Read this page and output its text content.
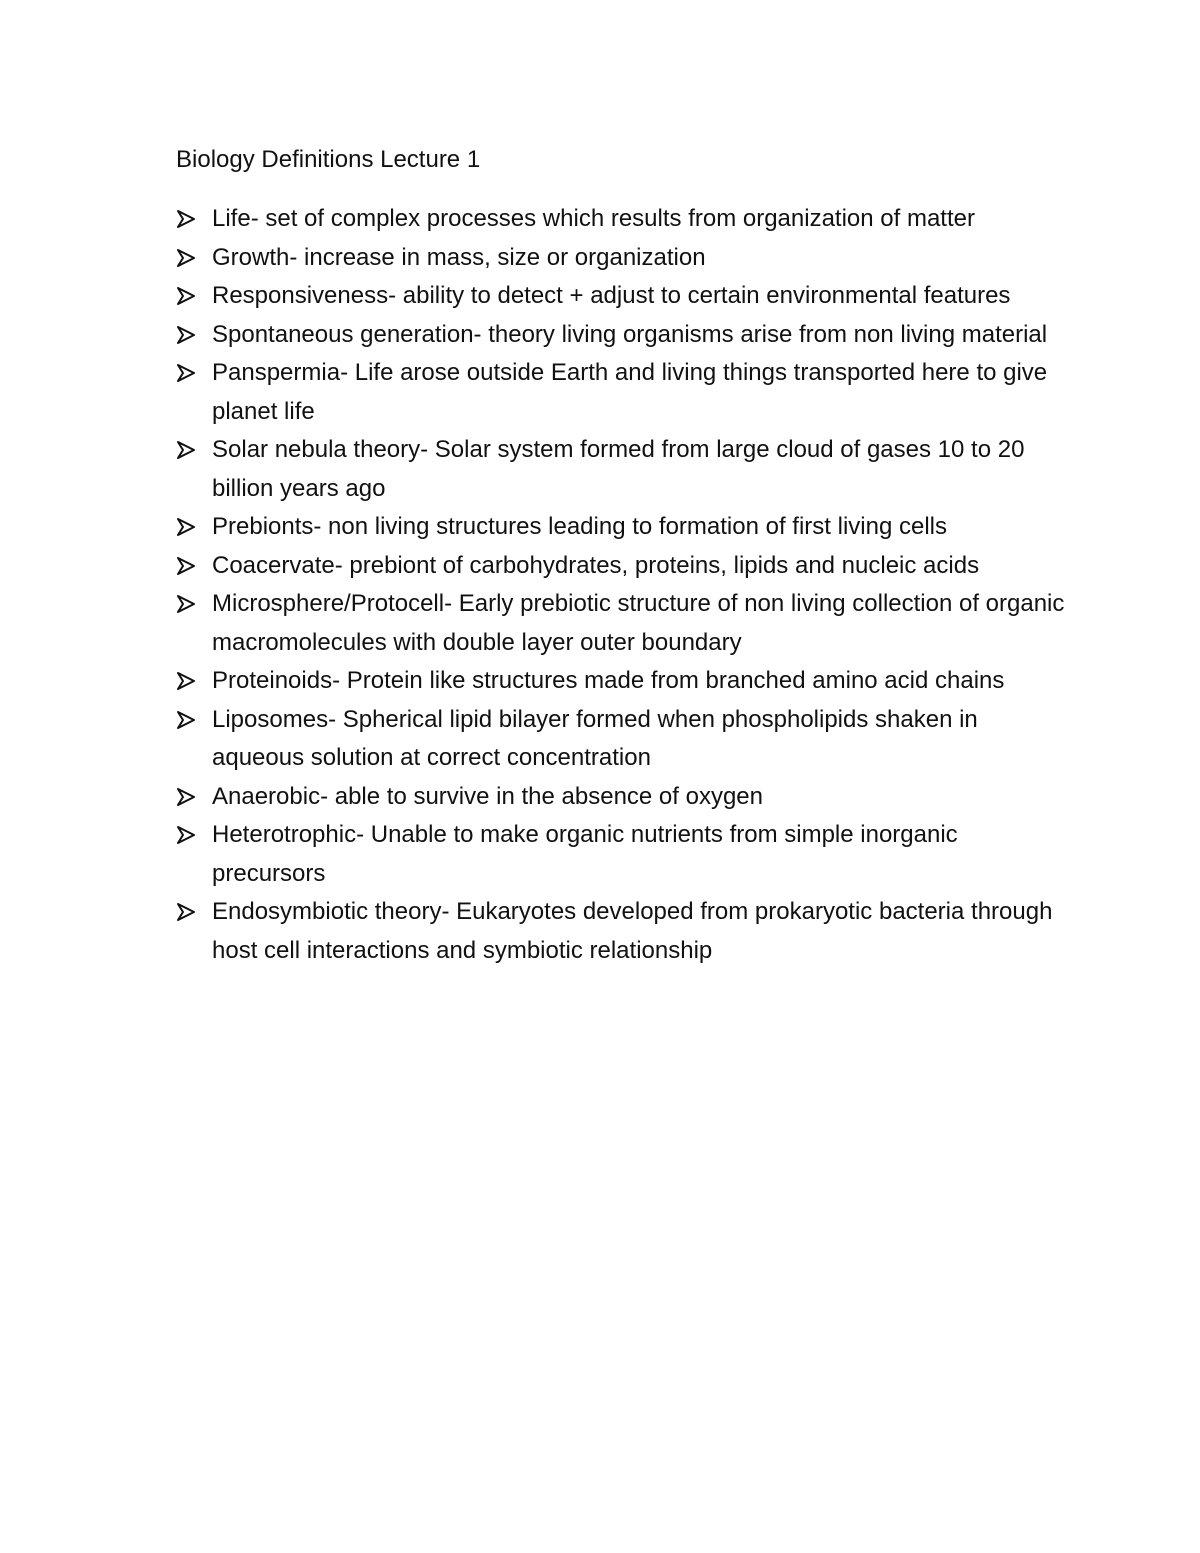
Biology Definitions Lecture 1
Life- set of complex processes which results from organization of matter
Growth- increase in mass, size or organization
Responsiveness- ability to detect + adjust to certain environmental features
Spontaneous generation- theory living organisms arise from non living material
Panspermia- Life arose outside Earth and living things transported here to give planet life
Solar nebula theory- Solar system formed from large cloud of gases 10 to 20 billion years ago
Prebionts- non living structures leading to formation of first living cells
Coacervate- prebiont of carbohydrates, proteins, lipids and nucleic acids
Microsphere/Protocell- Early prebiotic structure of non living collection of organic macromolecules with double layer outer boundary
Proteinoids- Protein like structures made from branched amino acid chains
Liposomes- Spherical lipid bilayer formed when phospholipids shaken in aqueous solution at correct concentration
Anaerobic- able to survive in the absence of oxygen
Heterotrophic- Unable to make organic nutrients from simple inorganic precursors
Endosymbiotic theory- Eukaryotes developed from prokaryotic bacteria through host cell interactions and symbiotic relationship
